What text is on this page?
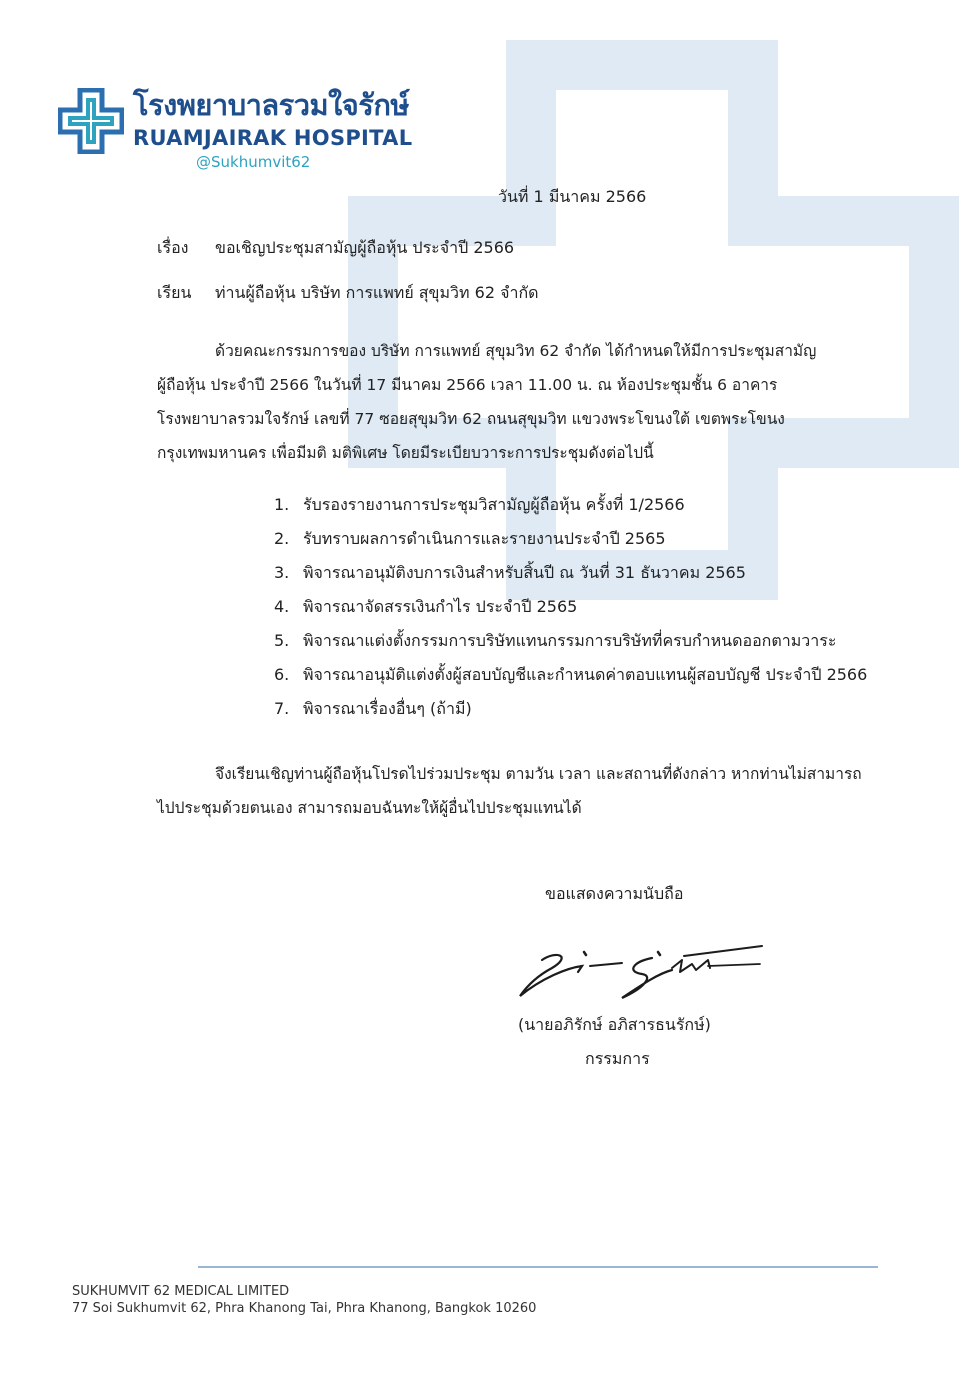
โรงพยาบาลรวมใจรักษ์
RUAMJAIRAK HOSPITAL
@Sukhumvit62
วันที่ 1 มีนาคม 2566
เรื่อง ขอเชิญประชุมสามัญผู้ถือหุ้น ประจำปี 2566
เรียน ท่านผู้ถือหุ้น บริษัท การแพทย์ สุขุมวิท 62 จำกัด
ด้วยคณะกรรมการของ บริษัท การแพทย์ สุขุมวิท 62 จำกัด ได้กำหนดให้มีการประชุมสามัญ
ผู้ถือหุ้น ประจำปี 2566 ในวันที่ 17 มีนาคม 2566 เวลา 11.00 น. ณ ห้องประชุมชั้น 6 อาคาร
โรงพยาบาลรวมใจรักษ์ เลขที่ 77 ซอยสุขุมวิท 62 ถนนสุขุมวิท แขวงพระโขนงใต้ เขตพระโขนง
กรุงเทพมหานคร เพื่อมีมติ มติพิเศษ โดยมีระเบียบวาระการประชุมดังต่อไปนี้
1. รับรองรายงานการประชุมวิสามัญผู้ถือหุ้น ครั้งที่ 1/2566
2. รับทราบผลการดำเนินการและรายงานประจำปี 2565
3. พิจารณาอนุมัติงบการเงินสำหรับสิ้นปี ณ วันที่ 31 ธันวาคม 2565
4. พิจารณาจัดสรรเงินกำไร ประจำปี 2565
5. พิจารณาแต่งตั้งกรรมการบริษัทแทนกรรมการบริษัทที่ครบกำหนดออกตามวาระ
6. พิจารณาอนุมัติแต่งตั้งผู้สอบบัญชีและกำหนดค่าตอบแทนผู้สอบบัญชี ประจำปี 2566
7. พิจารณาเรื่องอื่นๆ (ถ้ามี)
จึงเรียนเชิญท่านผู้ถือหุ้นโปรดไปร่วมประชุม ตามวัน เวลา และสถานที่ดังกล่าว หากท่านไม่สามารถ
ไปประชุมด้วยตนเอง สามารถมอบฉันทะให้ผู้อื่นไปประชุมแทนได้
ขอแสดงความนับถือ
(นายอภิรักษ์ อภิสารธนรักษ์)
กรรมการ
SUKHUMVIT 62 MEDICAL LIMITED
77 Soi Sukhumvit 62, Phra Khanong Tai, Phra Khanong, Bangkok 10260
